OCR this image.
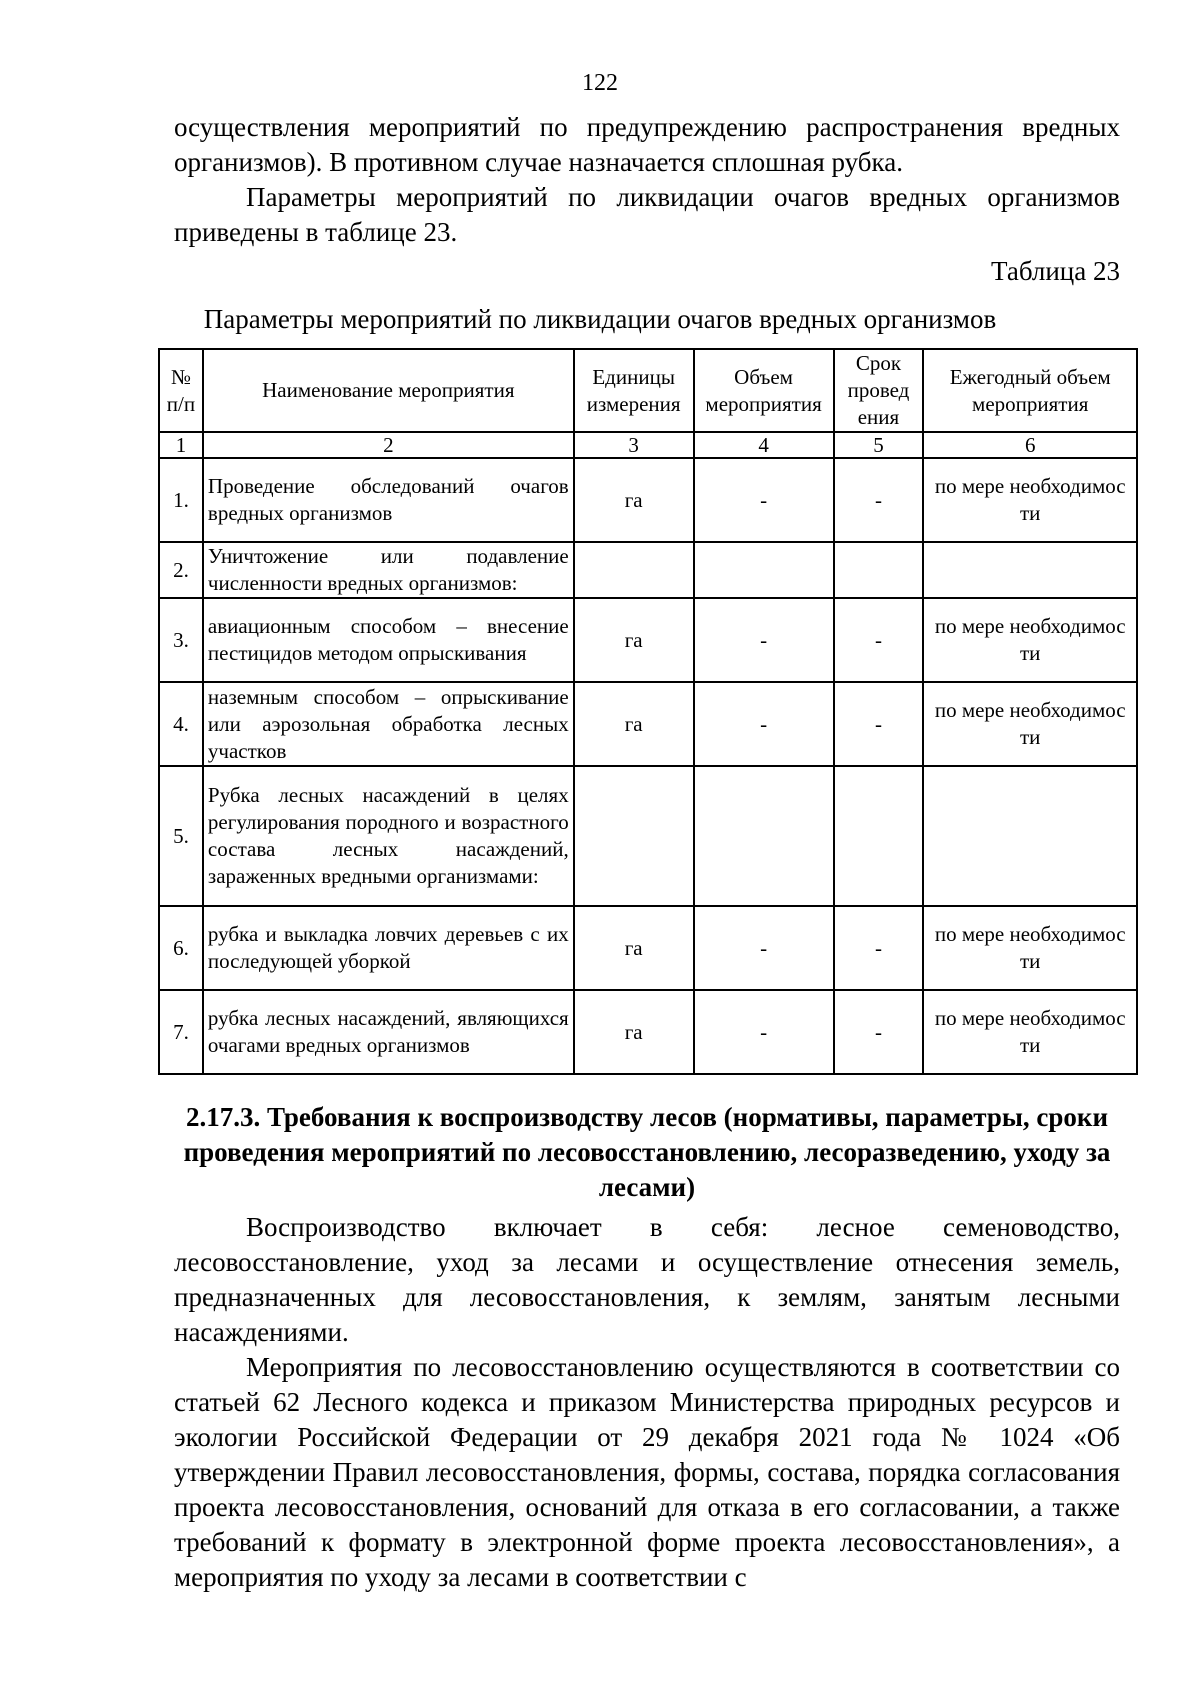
122

осуществления мероприятий по предупреждению распространения вредных организмов). В противном случае назначается сплошная рубка.

Параметры мероприятий по ликвидации очагов вредных организмов приведены в таблице 23.

Таблица 23
Параметры мероприятий по ликвидации очагов вредных организмов
№ п/п	Наименование мероприятия	Единицы измерения	Объем мероприятия	Срок провед ения	Ежегодный объем мероприятия
1	2	3	4	5	6
1.	Проведение обследований очагов вредных организмов	га	-	-	по мере необходимос ти
2.	Уничтожение или подавление численности вредных организмов:				
3.	авиационным способом – внесение пестицидов методом опрыскивания	га	-	-	по мере необходимос ти
4.	наземным способом – опрыскивание или аэрозольная обработка лесных участков	га	-	-	по мере необходимос ти
5.	Рубка лесных насаждений в целях регулирования породного и возрастного состава лесных насаждений, зараженных вредными организмами:				
6.	рубка и выкладка ловчих деревьев с их последующей уборкой	га	-	-	по мере необходимос ти
7.	рубка лесных насаждений, являющихся очагами вредных организмов	га	-	-	по мере необходимос ти
2.17.3. Требования к воспроизводству лесов (нормативы, параметры, сроки проведения мероприятий по лесовосстановлению, лесоразведению, уходу за лесами)

Воспроизводство включает в себя: лесное семеноводство, лесовосстановление, уход за лесами и осуществление отнесения земель, предназначенных для лесовосстановления, к землям, занятым лесными насаждениями.

Мероприятия по лесовосстановлению осуществляются в соответствии со статьей 62 Лесного кодекса и приказом Министерства природных ресурсов и экологии Российской Федерации от 29 декабря 2021 года № 1024 «Об утверждении Правил лесовосстановления, формы, состава, порядка согласования проекта лесовосстановления, оснований для отказа в его согласовании, а также требований к формату в электронной форме проекта лесовосстановления», а мероприятия по уходу за лесами в соответствии с
